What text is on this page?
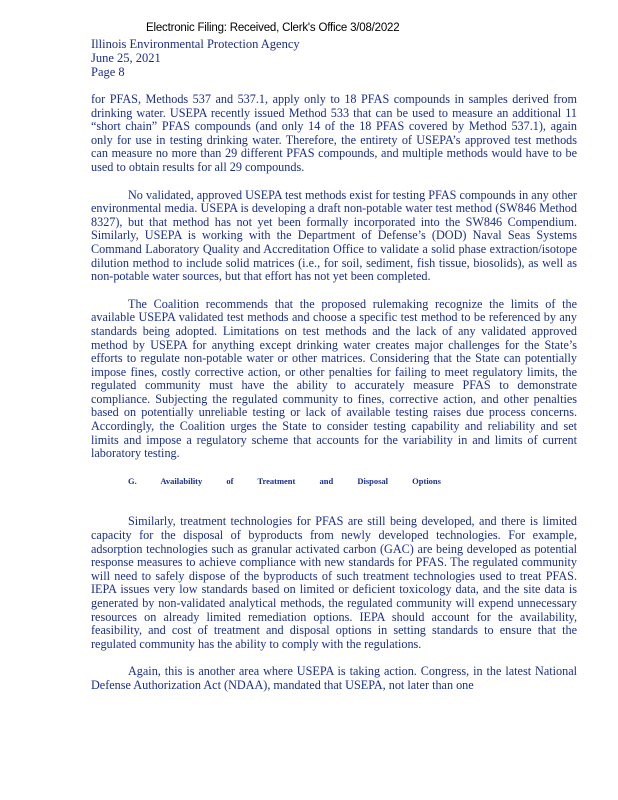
Electronic Filing: Received, Clerk's Office 3/08/2022
Illinois Environmental Protection Agency
June 25, 2021
Page 8

for PFAS, Methods 537 and 537.1, apply only to 18 PFAS compounds in samples derived from drinking water. USEPA recently issued Method 533 that can be used to measure an additional 11 “short chain” PFAS compounds (and only 14 of the 18 PFAS covered by Method 537.1), again only for use in testing drinking water. Therefore, the entirety of USEPA’s approved test methods can measure no more than 29 different PFAS compounds, and multiple methods would have to be used to obtain results for all 29 compounds.

No validated, approved USEPA test methods exist for testing PFAS compounds in any other environmental media. USEPA is developing a draft non-potable water test method (SW846 Method 8327), but that method has not yet been formally incorporated into the SW846 Compendium. Similarly, USEPA is working with the Department of Defense’s (DOD) Naval Seas Systems Command Laboratory Quality and Accreditation Office to validate a solid phase extraction/isotope dilution method to include solid matrices (i.e., for soil, sediment, fish tissue, biosolids), as well as non-potable water sources, but that effort has not yet been completed.

The Coalition recommends that the proposed rulemaking recognize the limits of the available USEPA validated test methods and choose a specific test method to be referenced by any standards being adopted. Limitations on test methods and the lack of any validated approved method by USEPA for anything except drinking water creates major challenges for the State’s efforts to regulate non-potable water or other matrices. Considering that the State can potentially impose fines, costly corrective action, or other penalties for failing to meet regulatory limits, the regulated community must have the ability to accurately measure PFAS to demonstrate compliance. Subjecting the regulated community to fines, corrective action, and other penalties based on potentially unreliable testing or lack of available testing raises due process concerns. Accordingly, the Coalition urges the State to consider testing capability and reliability and set limits and impose a regulatory scheme that accounts for the variability in and limits of current laboratory testing.

G. Availability of Treatment and Disposal Options

Similarly, treatment technologies for PFAS are still being developed, and there is limited capacity for the disposal of byproducts from newly developed technologies. For example, adsorption technologies such as granular activated carbon (GAC) are being developed as potential response measures to achieve compliance with new standards for PFAS. The regulated community will need to safely dispose of the byproducts of such treatment technologies used to treat PFAS. IEPA issues very low standards based on limited or deficient toxicology data, and the site data is generated by non-validated analytical methods, the regulated community will expend unnecessary resources on already limited remediation options. IEPA should account for the availability, feasibility, and cost of treatment and disposal options in setting standards to ensure that the regulated community has the ability to comply with the regulations.

Again, this is another area where USEPA is taking action. Congress, in the latest National Defense Authorization Act (NDAA), mandated that USEPA, not later than one
